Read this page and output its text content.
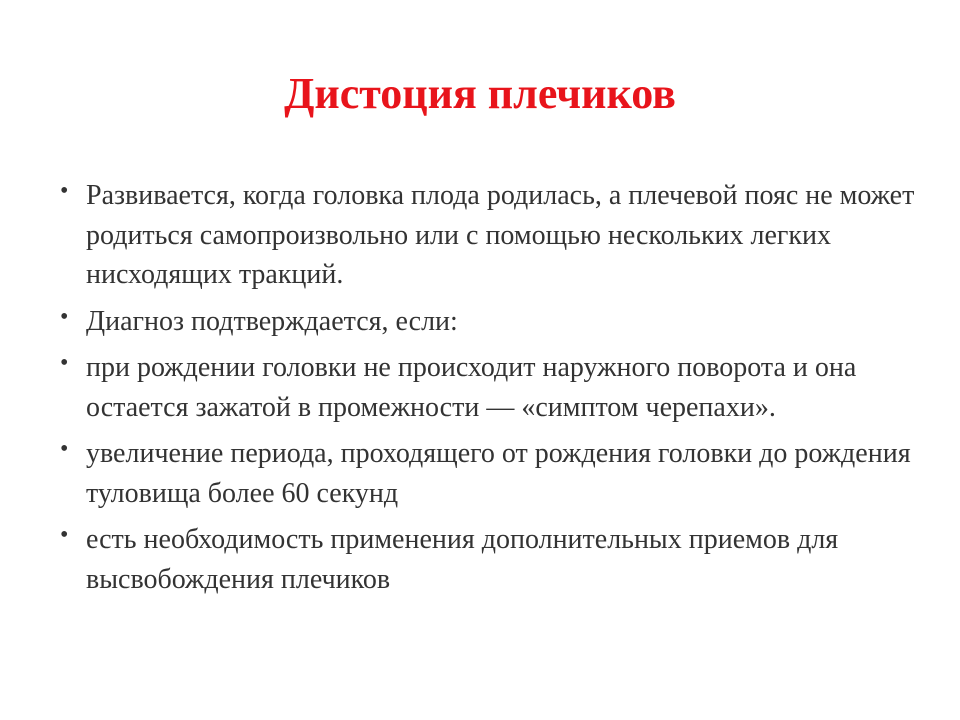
Дистоция плечиков
• Развивается, когда головка плода родилась, а плечевой пояс не может родиться самопроизвольно или с помощью нескольких легких нисходящих тракций.
• Диагноз подтверждается, если:
• при рождении головки не происходит наружного поворота и она остается зажатой в промежности — «симптом черепахи».
• увеличение периода, проходящего от рождения головки до рождения туловища более 60 секунд
• есть необходимость применения дополнительных приемов для высвобождения плечиков
